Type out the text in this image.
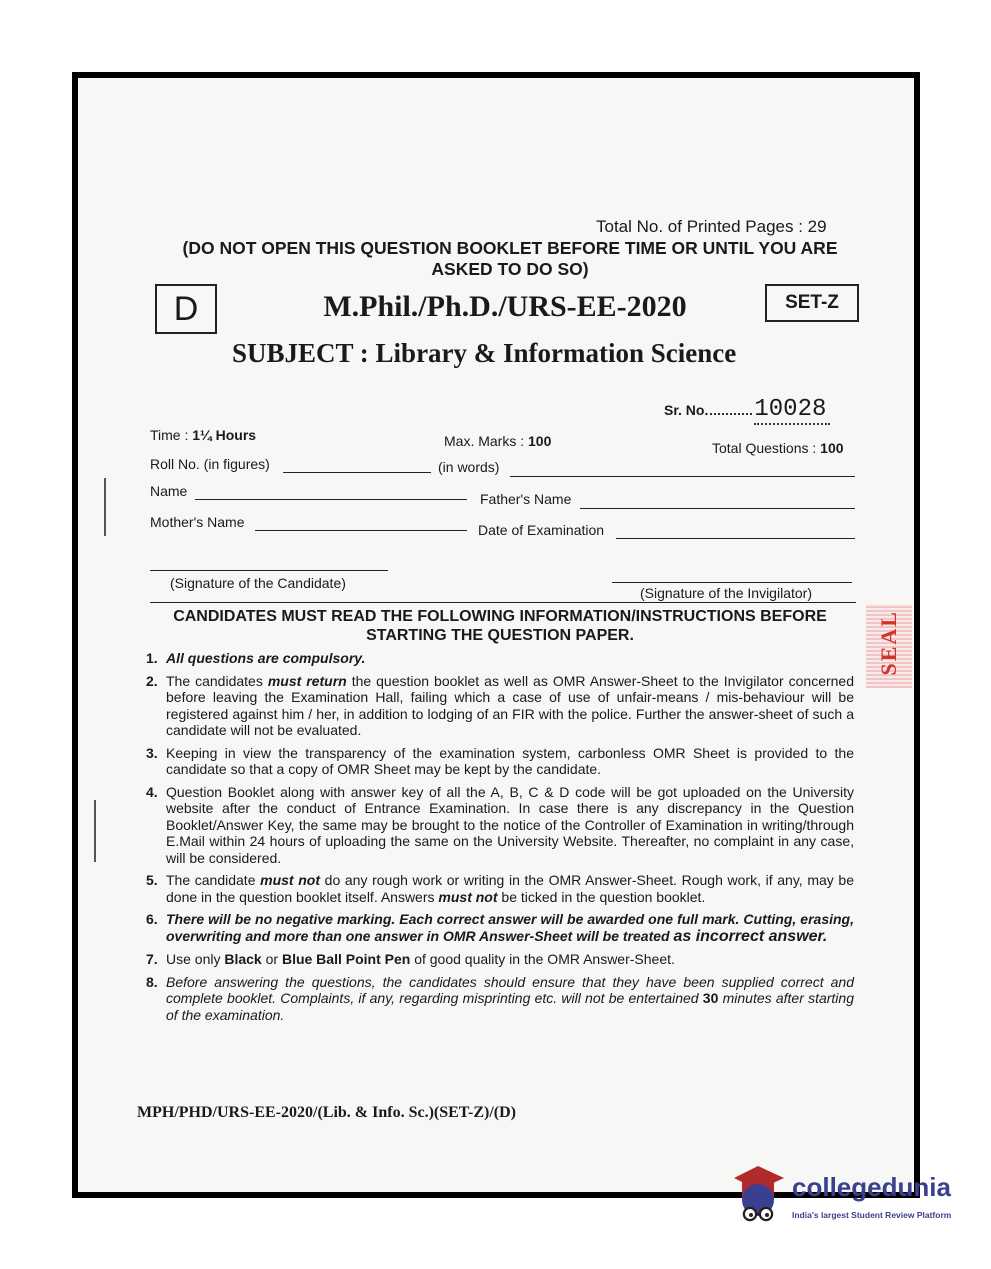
Total No. of Printed Pages : 29
(DO NOT OPEN THIS QUESTION BOOKLET BEFORE TIME OR UNTIL YOU ARE ASKED TO DO SO)
D	SET-Z
M.Phil./Ph.D./URS-EE-2020
SUBJECT : Library & Information Science
Sr. No. 10028
Time : 1¼ Hours	Max. Marks : 100	Total Questions : 100
Roll No. (in figures)	(in words)
Name	Father's Name
Mother's Name	Date of Examination
(Signature of the Candidate)
(Signature of the Invigilator)
CANDIDATES MUST READ THE FOLLOWING INFORMATION/INSTRUCTIONS BEFORE STARTING THE QUESTION PAPER.
1. All questions are compulsory.
2. The candidates must return the question booklet as well as OMR Answer-Sheet to the Invigilator concerned before leaving the Examination Hall, failing which a case of use of unfair-means / mis-behaviour will be registered against him / her, in addition to lodging of an FIR with the police. Further the answer-sheet of such a candidate will not be evaluated.
3. Keeping in view the transparency of the examination system, carbonless OMR Sheet is provided to the candidate so that a copy of OMR Sheet may be kept by the candidate.
4. Question Booklet along with answer key of all the A, B, C & D code will be got uploaded on the University website after the conduct of Entrance Examination. In case there is any discrepancy in the Question Booklet/Answer Key, the same may be brought to the notice of the Controller of Examination in writing/through E.Mail within 24 hours of uploading the same on the University Website. Thereafter, no complaint in any case, will be considered.
5. The candidate must not do any rough work or writing in the OMR Answer-Sheet. Rough work, if any, may be done in the question booklet itself. Answers must not be ticked in the question booklet.
6. There will be no negative marking. Each correct answer will be awarded one full mark. Cutting, erasing, overwriting and more than one answer in OMR Answer-Sheet will be treated as incorrect answer.
7. Use only Black or Blue Ball Point Pen of good quality in the OMR Answer-Sheet.
8. Before answering the questions, the candidates should ensure that they have been supplied correct and complete booklet. Complaints, if any, regarding misprinting etc. will not be entertained 30 minutes after starting of the examination.
MPH/PHD/URS-EE-2020/(Lib. & Info. Sc.)(SET-Z)/(D)
SEAL
collegedunia
India's largest Student Review Platform
